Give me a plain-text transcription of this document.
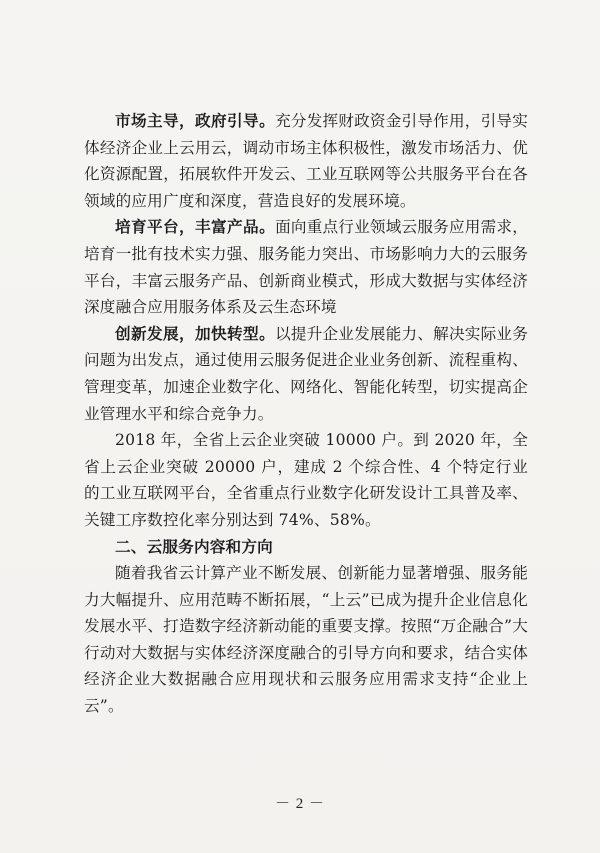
市场主导，政府引导。充分发挥财政资金引导作用，引导实体经济企业上云用云，调动市场主体积极性，激发市场活力、优化资源配置，拓展软件开发云、工业互联网等公共服务平台在各领域的应用广度和深度，营造良好的发展环境。

培育平台，丰富产品。面向重点行业领域云服务应用需求，培育一批有技术实力强、服务能力突出、市场影响力大的云服务平台，丰富云服务产品、创新商业模式，形成大数据与实体经济深度融合应用服务体系及云生态环境

创新发展，加快转型。以提升企业发展能力、解决实际业务问题为出发点，通过使用云服务促进企业业务创新、流程重构、管理变革，加速企业数字化、网络化、智能化转型，切实提高企业管理水平和综合竞争力。

2018 年，全省上云企业突破 10000 户。到 2020 年，全省上云企业突破 20000 户，建成 2 个综合性、4 个特定行业的工业互联网平台，全省重点行业数字化研发设计工具普及率、关键工序数控化率分别达到 74%、58%。

二、云服务内容和方向

随着我省云计算产业不断发展、创新能力显著增强、服务能力大幅提升、应用范畴不断拓展，“上云”已成为提升企业信息化发展水平、打造数字经济新动能的重要支撑。按照“万企融合”大行动对大数据与实体经济深度融合的引导方向和要求，结合实体经济企业大数据融合应用现状和云服务应用需求支持“企业上云”。

－ 2 －
